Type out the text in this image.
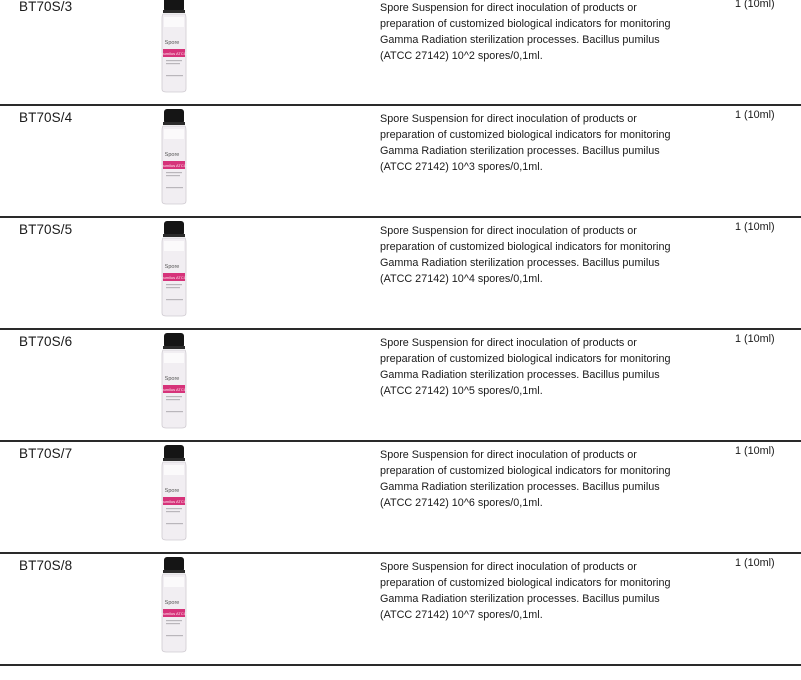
BT70S/3
Spore
pumilus ATCC
Spore Suspension for direct inoculation of products or preparation of customized biological indicators for monitoring Gamma Radiation sterilization processes. Bacillus pumilus (ATCC 27142) 10^2 spores/0,1ml.
1 (10ml)
BT70S/4
Spore
pumilus ATCC
Spore Suspension for direct inoculation of products or preparation of customized biological indicators for monitoring Gamma Radiation sterilization processes. Bacillus pumilus (ATCC 27142) 10^3 spores/0,1ml.
1 (10ml)
BT70S/5
Spore
pumilus ATCC
Spore Suspension for direct inoculation of products or preparation of customized biological indicators for monitoring Gamma Radiation sterilization processes. Bacillus pumilus (ATCC 27142) 10^4 spores/0,1ml.
1 (10ml)
BT70S/6
Spore
pumilus ATCC
Spore Suspension for direct inoculation of products or preparation of customized biological indicators for monitoring Gamma Radiation sterilization processes. Bacillus pumilus (ATCC 27142) 10^5 spores/0,1ml.
1 (10ml)
BT70S/7
Spore
pumilus ATCC
Spore Suspension for direct inoculation of products or preparation of customized biological indicators for monitoring Gamma Radiation sterilization processes. Bacillus pumilus (ATCC 27142) 10^6 spores/0,1ml.
1 (10ml)
BT70S/8
Spore
pumilus ATCC
Spore Suspension for direct inoculation of products or preparation of customized biological indicators for monitoring Gamma Radiation sterilization processes. Bacillus pumilus (ATCC 27142) 10^7 spores/0,1ml.
1 (10ml)
